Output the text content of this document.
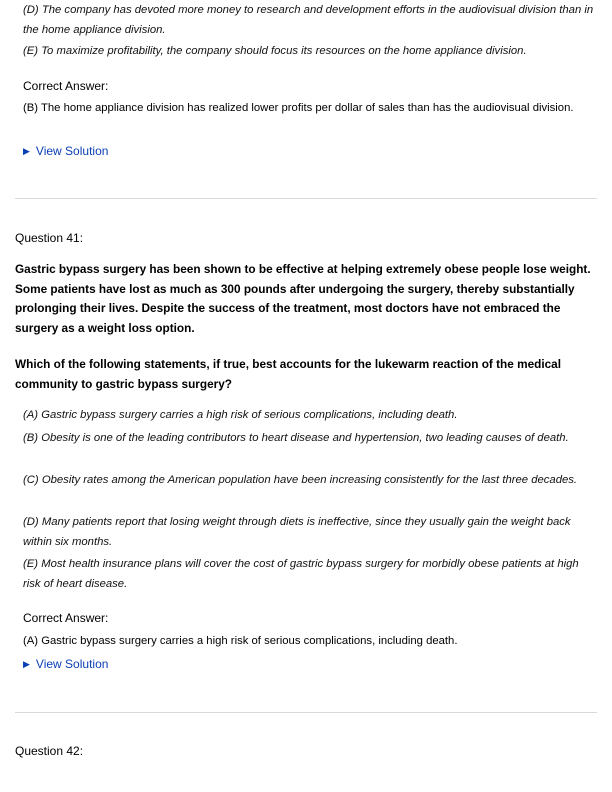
(D) The company has devoted more money to research and development efforts in the audiovisual division than in the home appliance division.
(E) To maximize profitability, the company should focus its resources on the home appliance division.
Correct Answer:
(B) The home appliance division has realized lower profits per dollar of sales than has the audiovisual division.
▶ View Solution
Question 41:
Gastric bypass surgery has been shown to be effective at helping extremely obese people lose weight. Some patients have lost as much as 300 pounds after undergoing the surgery, thereby substantially prolonging their lives. Despite the success of the treatment, most doctors have not embraced the surgery as a weight loss option.
Which of the following statements, if true, best accounts for the lukewarm reaction of the medical community to gastric bypass surgery?
(A) Gastric bypass surgery carries a high risk of serious complications, including death.
(B) Obesity is one of the leading contributors to heart disease and hypertension, two leading causes of death.
(C) Obesity rates among the American population have been increasing consistently for the last three decades.
(D) Many patients report that losing weight through diets is ineffective, since they usually gain the weight back within six months.
(E) Most health insurance plans will cover the cost of gastric bypass surgery for morbidly obese patients at high risk of heart disease.
Correct Answer:
(A) Gastric bypass surgery carries a high risk of serious complications, including death.
▶ View Solution
Question 42:
